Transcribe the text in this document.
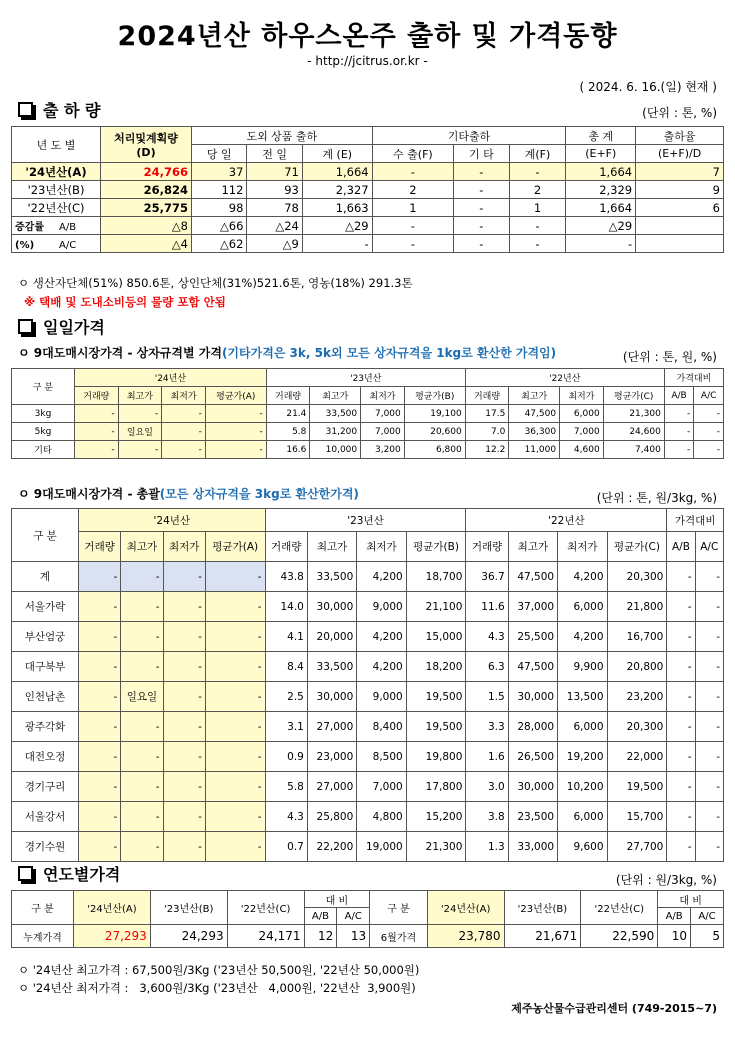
2024년산 하우스온주 출하 및 가격동향
- http://jcitrus.or.kr -
( 2024. 6. 16.(일) 현재 )
출 하 량	(단위 : 톤, %)
년 도 별	처리및계획량
(D)	도외 상품 출하			기타출하			총 계	출하율
		당 일	전 일	계 (E)	수 출(F)	기 타	계(F)	(E+F)	(E+F)/D
'24년산(A)	24,766	37	71	1,664	-	-	-	1,664	7
'23년산(B)	26,824	112	93	2,327	2	-	2	2,329	9
'22년산(C)	25,775	98	78	1,663	1	-	1	1,664	6
증감률 A/B	△8	△66	△24	△29	-	-	-	△29	
(%) A/C	△4	△62	△9	-	-	-	-	-	
ㅇ 생산자단체(51%) 850.6톤, 상인단체(31%)521.6톤, 영농(18%) 291.3톤
※ 택배 및 도내소비등의 물량 포함 안됨
일일가격
ㅇ 9대도매시장가격 - 상자규격별 가격(기타가격은 3k, 5k외 모든 상자규격을 1kg로 환산한 가격임)	(단위 : 톤, 원, %)
구 분	'24년산				'23년산				'22년산				가격대비	
	거래량	최고가	최저가	평균가(A)	거래량	최고가	최저가	평균가(B)	거래량	최고가	최저가	평균가(C)	A/B	A/C
3kg	-	-	-	-	21.4	33,500	7,000	19,100	17.5	47,500	6,000	21,300	-	-
5kg	-	일요일	-	-	5.8	31,200	7,000	20,600	7.0	36,300	7,000	24,600	-	-
기타	-	-	-	-	16.6	10,000	3,200	6,800	12.2	11,000	4,600	7,400	-	-
ㅇ 9대도매시장가격 - 총괄(모든 상자규격을 3kg로 환산한가격)	(단위 : 톤, 원/3kg, %)
구 분	'24년산				'23년산				'22년산				가격대비	
	거래량	최고가	최저가	평균가(A)	거래량	최고가	최저가	평균가(B)	거래량	최고가	최저가	평균가(C)	A/B	A/C
계	-	-	-	-	43.8	33,500	4,200	18,700	36.7	47,500	4,200	20,300	-	-
서울가락	-	-	-	-	14.0	30,000	9,000	21,100	11.6	37,000	6,000	21,800	-	-
부산엄궁	-	-	-	-	4.1	20,000	4,200	15,000	4.3	25,500	4,200	16,700	-	-
대구북부	-	-	-	-	8.4	33,500	4,200	18,200	6.3	47,500	9,900	20,800	-	-
인천남촌	-	일요일	-	-	2.5	30,000	9,000	19,500	1.5	30,000	13,500	23,200	-	-
광주각화	-	-	-	-	3.1	27,000	8,400	19,500	3.3	28,000	6,000	20,300	-	-
대전오정	-	-	-	-	0.9	23,000	8,500	19,800	1.6	26,500	19,200	22,000	-	-
경기구리	-	-	-	-	5.8	27,000	7,000	17,800	3.0	30,000	10,200	19,500	-	-
서울강서	-	-	-	-	4.3	25,800	4,800	15,200	3.8	23,500	6,000	15,700	-	-
경기수원	-	-	-	-	0.7	22,200	19,000	21,300	1.3	33,000	9,600	27,700	-	-
연도별가격	(단위 : 원/3kg, %)
구 분	'24년산(A)	'23년산(B)	'22년산(C)	대 비		구 분	'24년산(A)	'23년산(B)	'22년산(C)	대 비	
				A/B	A/C					A/B	A/C
누계가격	27,293	24,293	24,171	12	13	6월가격	23,780	21,671	22,590	10	5
ㅇ '24년산 최고가격 : 67,500원/3Kg ('23년산 50,500원, '22년산 50,000원)
ㅇ '24년산 최저가격 :   3,600원/3Kg ('23년산   4,000원, '22년산  3,900원)
제주농산물수급관리센터 (749-2015~7)
